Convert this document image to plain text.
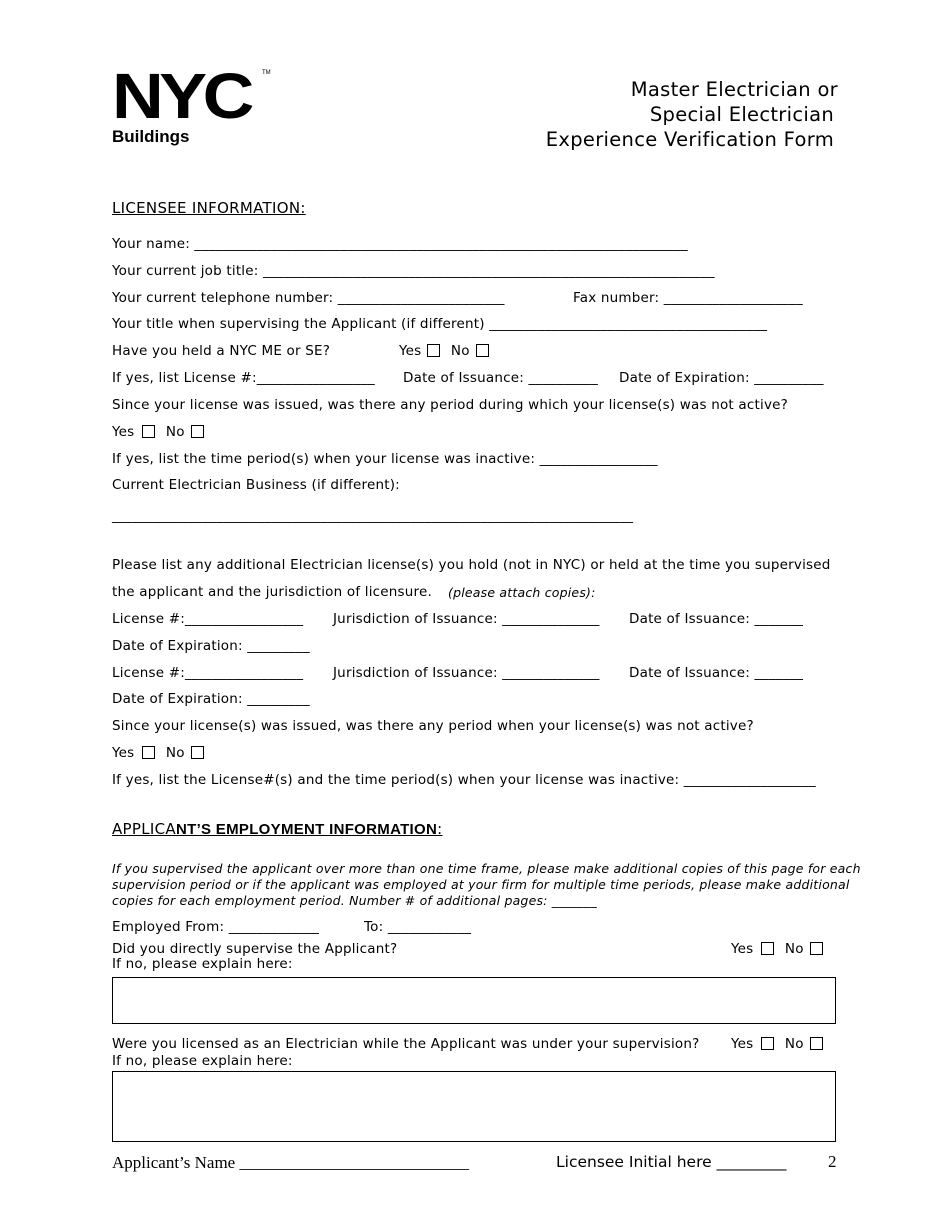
NYC TM
Buildings
Master Electrician or
Special Electrician
Experience Verification Form
LICENSEE INFORMATION:
Your name: _______________________________________________________________________
Your current job title: _________________________________________________________________
Your current telephone number: ________________________	Fax number: ____________________
Your title when supervising the Applicant (if different) ________________________________________
Have you held a NYC ME or SE?	Yes No
If yes, list License #:_________________ Date of Issuance: __________ Date of Expiration: __________
Since your license was issued, was there any period during which your license(s) was not active?
Yes No
If yes, list the time period(s) when your license was inactive: _________________
Current Electrician Business (if different):
___________________________________________________________________________
Please list any additional Electrician license(s) you hold (not in NYC) or held at the time you supervised
the applicant and the jurisdiction of licensure. (please attach copies):
License #:_________________ Jurisdiction of Issuance: ______________ Date of Issuance: _______
Date of Expiration: _________
License #:_________________ Jurisdiction of Issuance: ______________ Date of Issuance: _______
Date of Expiration: _________
Since your license(s) was issued, was there any period when your license(s) was not active?
Yes No
If yes, list the License#(s) and the time period(s) when your license was inactive: ___________________
APPLICANT’S EMPLOYMENT INFORMATION:
If you supervised the applicant over more than one time frame, please make additional copies of this page for each
supervision period or if the applicant was employed at your firm for multiple time periods, please make additional
copies for each employment period. Number # of additional pages: _______
Employed From: _____________	To: ____________
Did you directly supervise the Applicant?	Yes No
If no, please explain here:
Were you licensed as an Electrician while the Applicant was under your supervision? Yes No
If no, please explain here:
Applicant’s Name ___________________________	Licensee Initial here _________ 2
